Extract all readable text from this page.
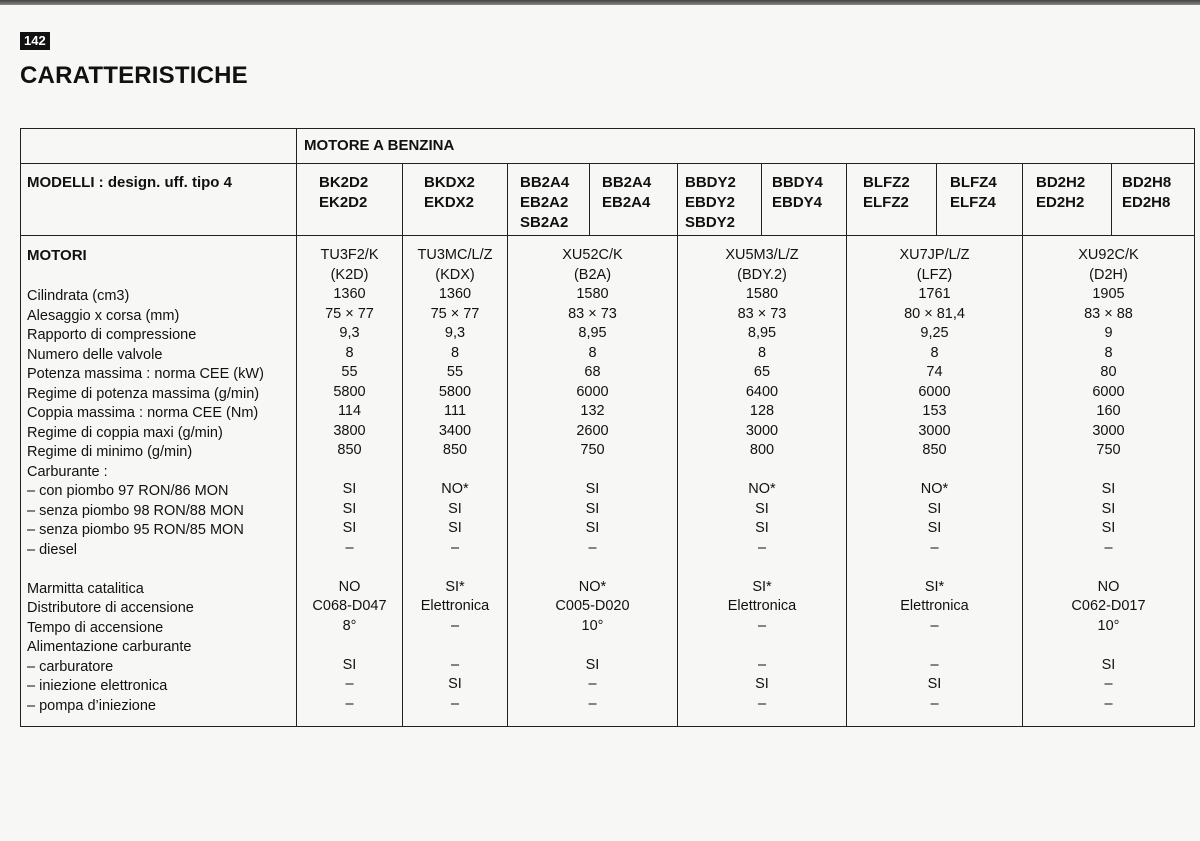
142
CARATTERISTICHE
MOTORE A BENZINA
MODELLI : design. uff. tipo 4	BK2D2
EK2D2
BKDX2
EKDX2
BB2A4
EB2A2
SB2A2
BB2A4
EB2A4
BBDY2
EBDY2
SBDY2
BBDY4
EBDY4
BLFZ2
ELFZ2
BLFZ4
ELFZ4
BD2H2
ED2H2
BD2H8
ED2H8
MOTORI
Cilindrata (cm3)
Alesaggio x corsa (mm)
Rapporto di compressione
Numero delle valvole
Potenza massima : norma CEE (kW)
Regime di potenza massima (g/min)
Coppia massima : norma CEE (Nm)
Regime di coppia maxi (g/min)
Regime di minimo (g/min)
Carburante :
– con piombo 97 RON/86 MON
– senza piombo 98 RON/88 MON
– senza piombo 95 RON/85 MON
– diesel
Marmitta catalitica
Distributore di accensione
Tempo di accensione
Alimentazione carburante
– carburatore
– iniezione elettronica
– pompa d’iniezione
TU3F2/K
(K2D)
1360
75 × 77
9,3
8
55
5800
114
3800
850
SI
SI
SI
–
NO
C068-D047
8°
SI
–
–
TU3MC/L/Z
(KDX)
1360
75 × 77
9,3
8
55
5800
111
3400
850
NO*
SI
SI
–
SI*
Elettronica
–
–
SI
–
XU52C/K
(B2A)
1580
83 × 73
8,95
8
68
6000
132
2600
750
SI
SI
SI
–
NO*
C005-D020
10°
SI
–
–
XU5M3/L/Z
(BDY.2)
1580
83 × 73
8,95
8
65
6400
128
3000
800
NO*
SI
SI
–
SI*
Elettronica
–
–
SI
–
XU7JP/L/Z
(LFZ)
1761
80 × 81,4
9,25
8
74
6000
153
3000
850
NO*
SI
SI
–
SI*
Elettronica
–
–
SI
–
XU92C/K
(D2H)
1905
83 × 88
9
8
80
6000
160
3000
750
SI
SI
SI
–
NO
C062-D017
10°
SI
–
–
